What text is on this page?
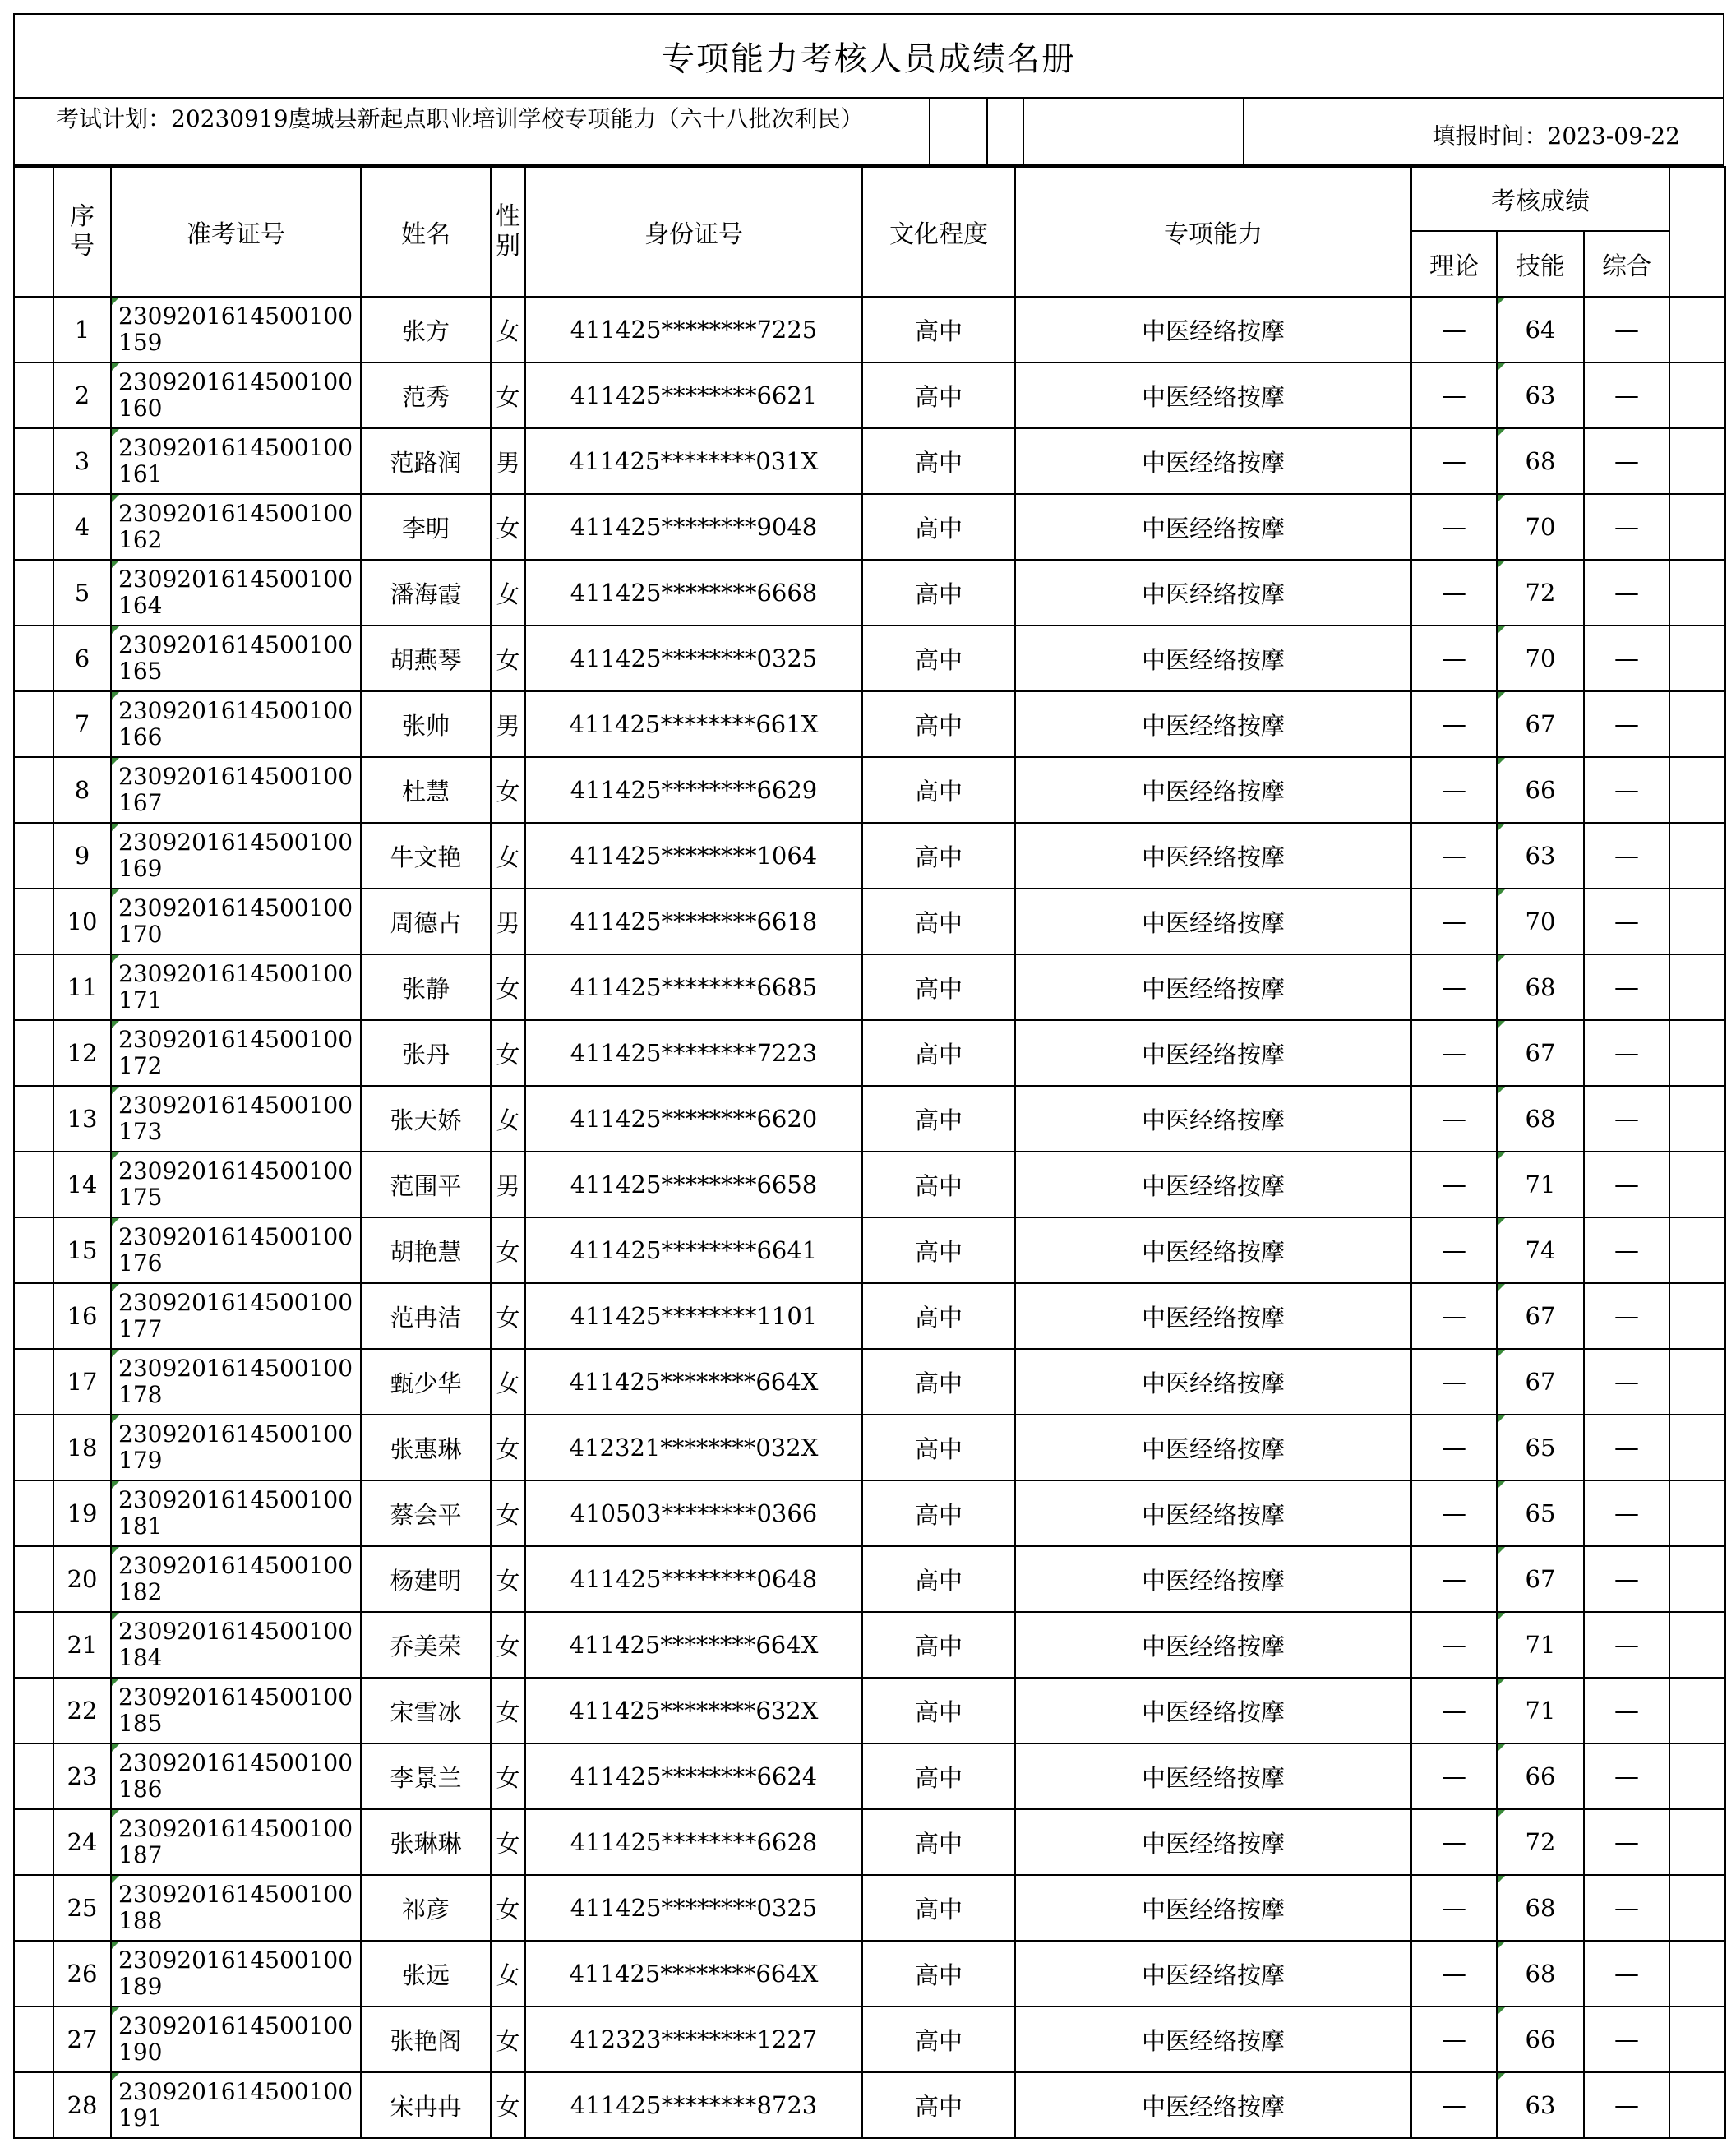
专项能力考核人员成绩名册
考试计划：20230919虞城县新起点职业培训学校专项能力（六十八批次利民）
填报时间：2023-09-22
	序号	准考证号	姓名	性别	身份证号	文化程度	专项能力	考核成绩			
								理论	技能	综合	
	1	2309201614500100159	张方	女	411425********7225	高中	中医经络按摩	—	64	—	
	2	2309201614500100160	范秀	女	411425********6621	高中	中医经络按摩	—	63	—	
	3	2309201614500100161	范路润	男	411425********031X	高中	中医经络按摩	—	68	—	
	4	2309201614500100162	李明	女	411425********9048	高中	中医经络按摩	—	70	—	
	5	2309201614500100164	潘海霞	女	411425********6668	高中	中医经络按摩	—	72	—	
	6	2309201614500100165	胡燕琴	女	411425********0325	高中	中医经络按摩	—	70	—	
	7	2309201614500100166	张帅	男	411425********661X	高中	中医经络按摩	—	67	—	
	8	2309201614500100167	杜慧	女	411425********6629	高中	中医经络按摩	—	66	—	
	9	2309201614500100169	牛文艳	女	411425********1064	高中	中医经络按摩	—	63	—	
	10	2309201614500100170	周德占	男	411425********6618	高中	中医经络按摩	—	70	—	
	11	2309201614500100171	张静	女	411425********6685	高中	中医经络按摩	—	68	—	
	12	2309201614500100172	张丹	女	411425********7223	高中	中医经络按摩	—	67	—	
	13	2309201614500100173	张天娇	女	411425********6620	高中	中医经络按摩	—	68	—	
	14	2309201614500100175	范围平	男	411425********6658	高中	中医经络按摩	—	71	—	
	15	2309201614500100176	胡艳慧	女	411425********6641	高中	中医经络按摩	—	74	—	
	16	2309201614500100177	范冉洁	女	411425********1101	高中	中医经络按摩	—	67	—	
	17	2309201614500100178	甄少华	女	411425********664X	高中	中医经络按摩	—	67	—	
	18	2309201614500100179	张惠琳	女	412321********032X	高中	中医经络按摩	—	65	—	
	19	2309201614500100181	蔡会平	女	410503********0366	高中	中医经络按摩	—	65	—	
	20	2309201614500100182	杨建明	女	411425********0648	高中	中医经络按摩	—	67	—	
	21	2309201614500100184	乔美荣	女	411425********664X	高中	中医经络按摩	—	71	—	
	22	2309201614500100185	宋雪冰	女	411425********632X	高中	中医经络按摩	—	71	—	
	23	2309201614500100186	李景兰	女	411425********6624	高中	中医经络按摩	—	66	—	
	24	2309201614500100187	张琳琳	女	411425********6628	高中	中医经络按摩	—	72	—	
	25	2309201614500100188	祁彦	女	411425********0325	高中	中医经络按摩	—	68	—	
	26	2309201614500100189	张远	女	411425********664X	高中	中医经络按摩	—	68	—	
	27	2309201614500100190	张艳阁	女	412323********1227	高中	中医经络按摩	—	66	—	
	28	2309201614500100191	宋冉冉	女	411425********8723	高中	中医经络按摩	—	63	—	
